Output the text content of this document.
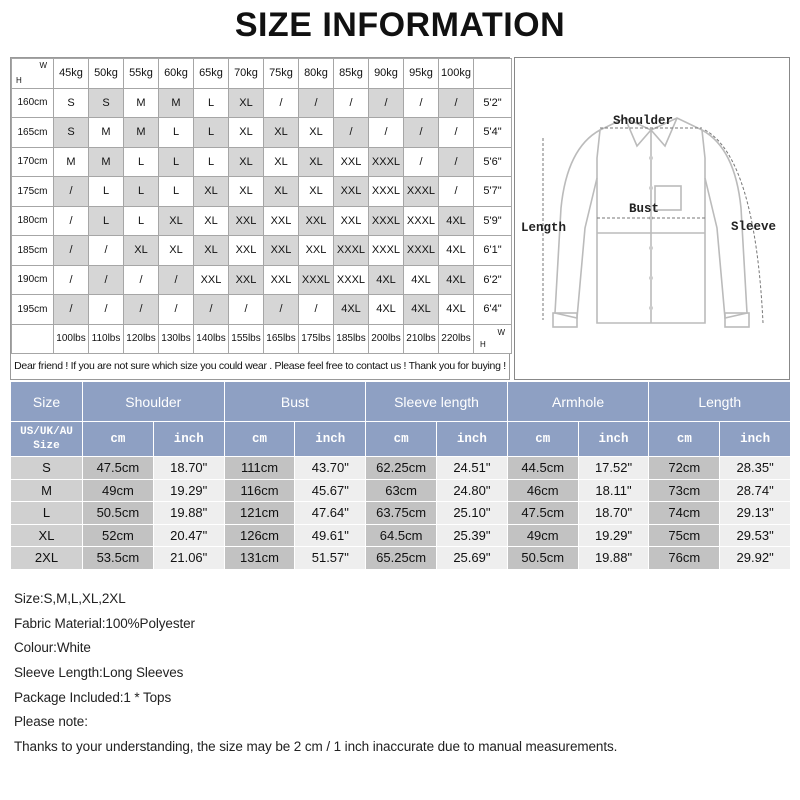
SIZE INFORMATION
H
W	45kg	50kg	55kg	60kg	65kg	70kg	75kg	80kg	85kg	90kg	95kg	100kg	
160cm	S	S	M	M	L	XL	/	/	/	/	/	/	5'2"
165cm	S	M	M	L	L	XL	XL	XL	/	/	/	/	5'4"
170cm	M	M	L	L	L	XL	XL	XL	XXL	XXXL	/	/	5'6"
175cm	/	L	L	L	XL	XL	XL	XL	XXL	XXXL	XXXL	/	5'7"
180cm	/	L	L	XL	XL	XXL	XXL	XXL	XXL	XXXL	XXXL	4XL	5'9"
185cm	/	/	XL	XL	XL	XXL	XXL	XXL	XXXL	XXXL	XXXL	4XL	6'1"
190cm	/	/	/	/	XXL	XXL	XXL	XXXL	XXXL	4XL	4XL	4XL	6'2"
195cm	/	/	/	/	/	/	/	/	4XL	4XL	4XL	4XL	6'4"
	100lbs	110lbs	120lbs	130lbs	140lbs	155lbs	165lbs	175lbs	185lbs	200lbs	210lbs	220lbs	H
W
Dear friend ! If you are not sure which size you could wear . Please feel free to contact us ! Thank you for buying !
Shoulder
Bust
Length	Sleeve
Size	Shoulder		Bust		Sleeve length		Armhole		Length	
US/UK/AU Size	cm	inch	cm	inch	cm	inch	cm	inch	cm	inch
S	47.5cm	18.70"	111cm	43.70"	62.25cm	24.51"	44.5cm	17.52"	72cm	28.35"
M	49cm	19.29"	116cm	45.67"	63cm	24.80"	46cm	18.11"	73cm	28.74"
L	50.5cm	19.88"	121cm	47.64"	63.75cm	25.10"	47.5cm	18.70"	74cm	29.13"
XL	52cm	20.47"	126cm	49.61"	64.5cm	25.39"	49cm	19.29"	75cm	29.53"
2XL	53.5cm	21.06"	131cm	51.57"	65.25cm	25.69"	50.5cm	19.88"	76cm	29.92"
Size:S,M,L,XL,2XL
Fabric Material:100%Polyester
Colour:White
Sleeve Length:Long Sleeves
Package Included:1 * Tops
Please note:
Thanks to your understanding, the size may be 2 cm / 1 inch inaccurate due to manual measurements.
